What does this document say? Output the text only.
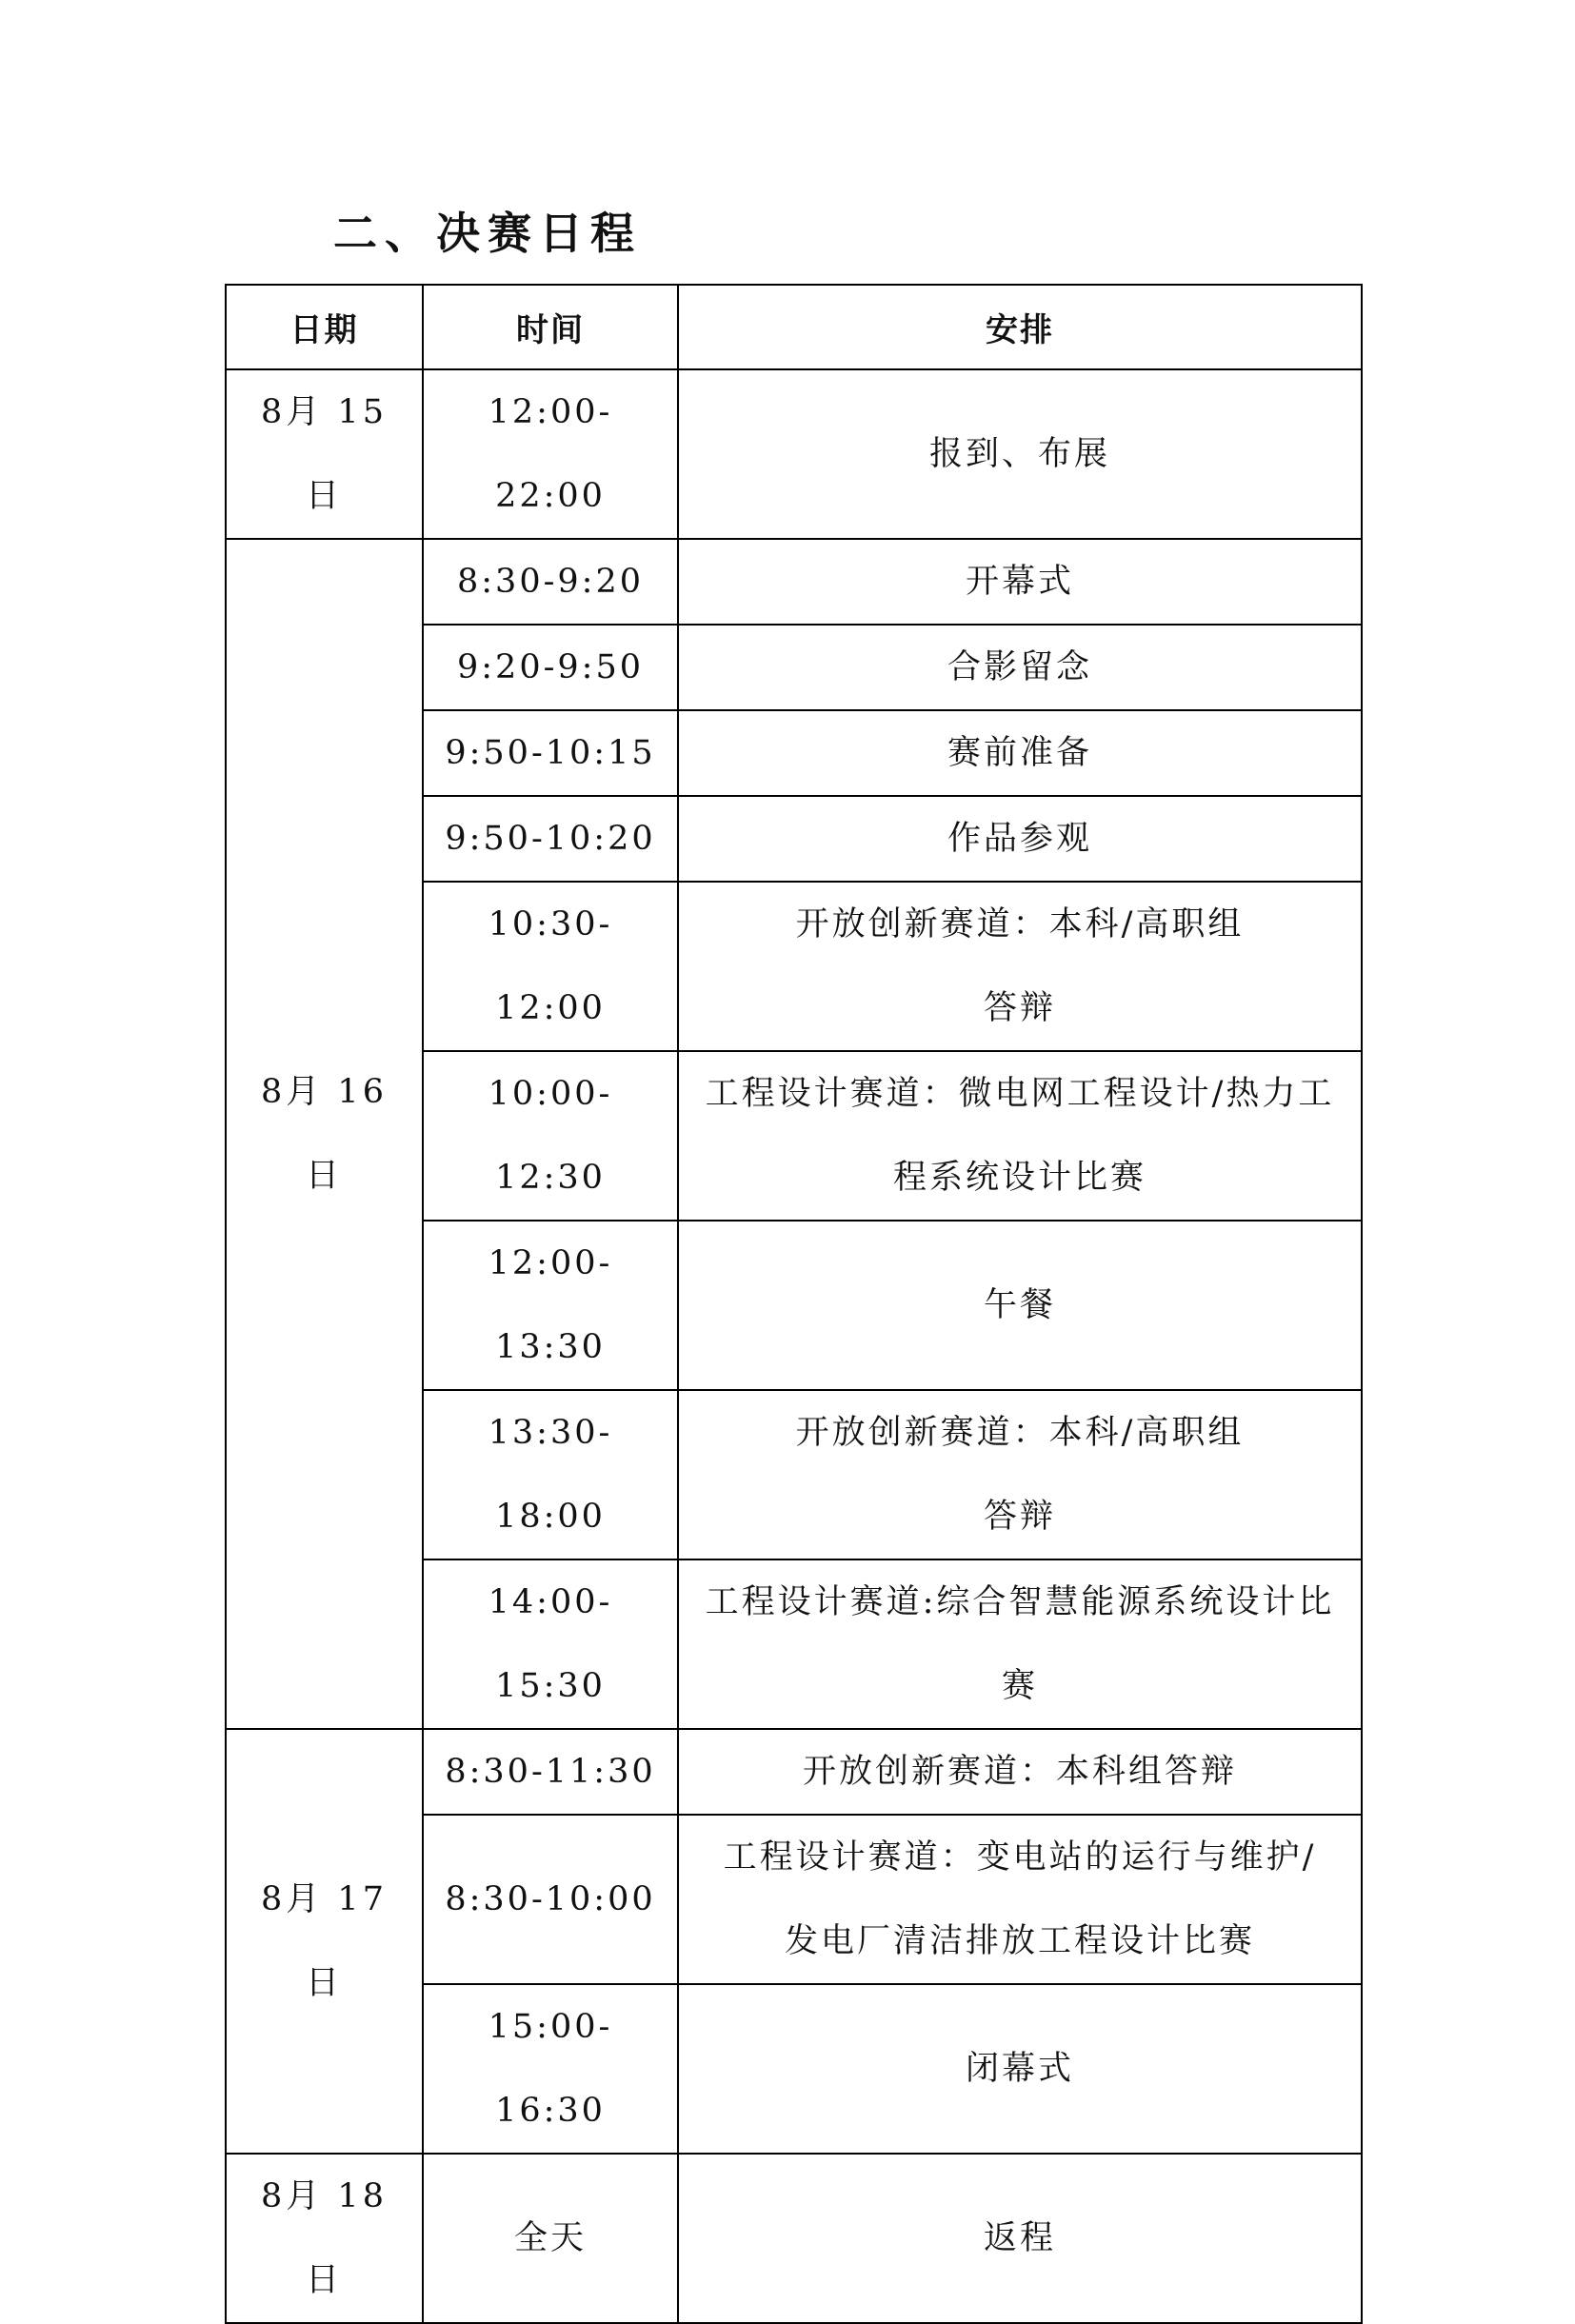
二、决赛日程
日期	时间	安排
8月 15 日	12:00-22:00	报到、布展

8月 16 日	8:30-9:20	开幕式

	9:20-9:50	合影留念

	9:50-10:15	赛前准备

	9:50-10:20	作品参观

	10:30-12:00	开放创新赛道：本科/高职组答辩

	10:00-12:30	工程设计赛道：微电网工程设计/热力工程系统设计比赛

	12:00-13:30	午餐

	13:30-18:00	开放创新赛道：本科/高职组答辩

	14:00-15:30	工程设计赛道:综合智慧能源系统设计比赛

8月 17 日	8:30-11:30	开放创新赛道：本科组答辩

	8:30-10:00	工程设计赛道：变电站的运行与维护/发电厂清洁排放工程设计比赛

	15:00-16:30	闭幕式

8月 18 日	全天	返程
